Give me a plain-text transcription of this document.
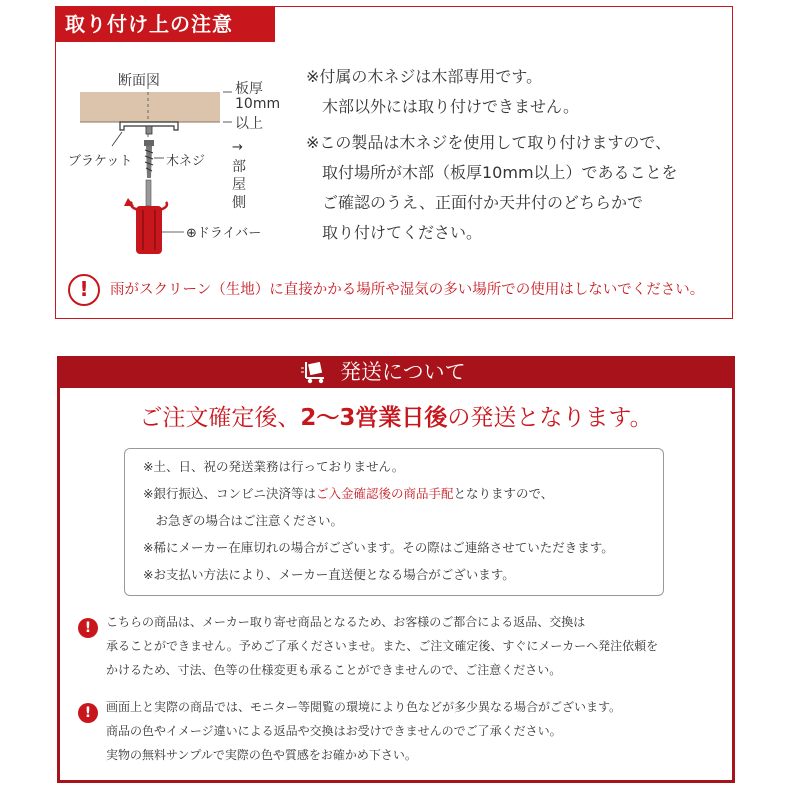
取り付け上の注意
断面図	板厚
10mm
以上
ブラケット	木ネジ
→
部
屋
側
⊕ドライバー
※付属の木ネジは木部専用です。
　木部以外には取り付けできません。
※この製品は木ネジを使用して取り付けますので、
　取付場所が木部（板厚10mm以上）であることを
　ご確認のうえ、正面付か天井付のどちらかで
　取り付けてください。
!	雨がスクリーン（生地）に直接かかる場所や湿気の多い場所での使用はしないでください。
発送について
ご注文確定後、2～3営業日後の発送となります。
※土、日、祝の発送業務は行っておりません。
※銀行振込、コンビニ決済等はご入金確認後の商品手配となりますので、
　お急ぎの場合はご注意ください。
※稀にメーカー在庫切れの場合がございます。その際はご連絡させていただきます。
※お支払い方法により、メーカー直送便となる場合がございます。
!	こちらの商品は、メーカー取り寄せ商品となるため、お客様のご都合による返品、交換は
承ることができません。予めご了承くださいませ。また、ご注文確定後、すぐにメーカーへ発注依頼を
かけるため、寸法、色等の仕様変更も承ることができませんので、ご注意ください。
!	画面上と実際の商品では、モニター等閲覧の環境により色などが多少異なる場合がございます。
商品の色やイメージ違いによる返品や交換はお受けできませんのでご了承ください。
実物の無料サンプルで実際の色や質感をお確かめ下さい。
